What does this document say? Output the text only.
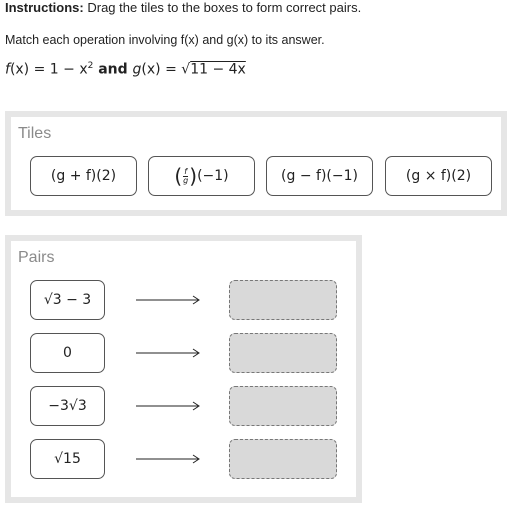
Instructions: Drag the tiles to the boxes to form correct pairs.
Match each operation involving f(x) and g(x) to its answer.
$f(x) = 1 - x^2$ and g(x) = √11 − 4x
Tiles
(g + f)(2)	( $\frac{f}{g}$ ) (−1)	(g − f)(−1)	(g × f)(2)
Pairs
√3 − 3
0
−3√3
√15
